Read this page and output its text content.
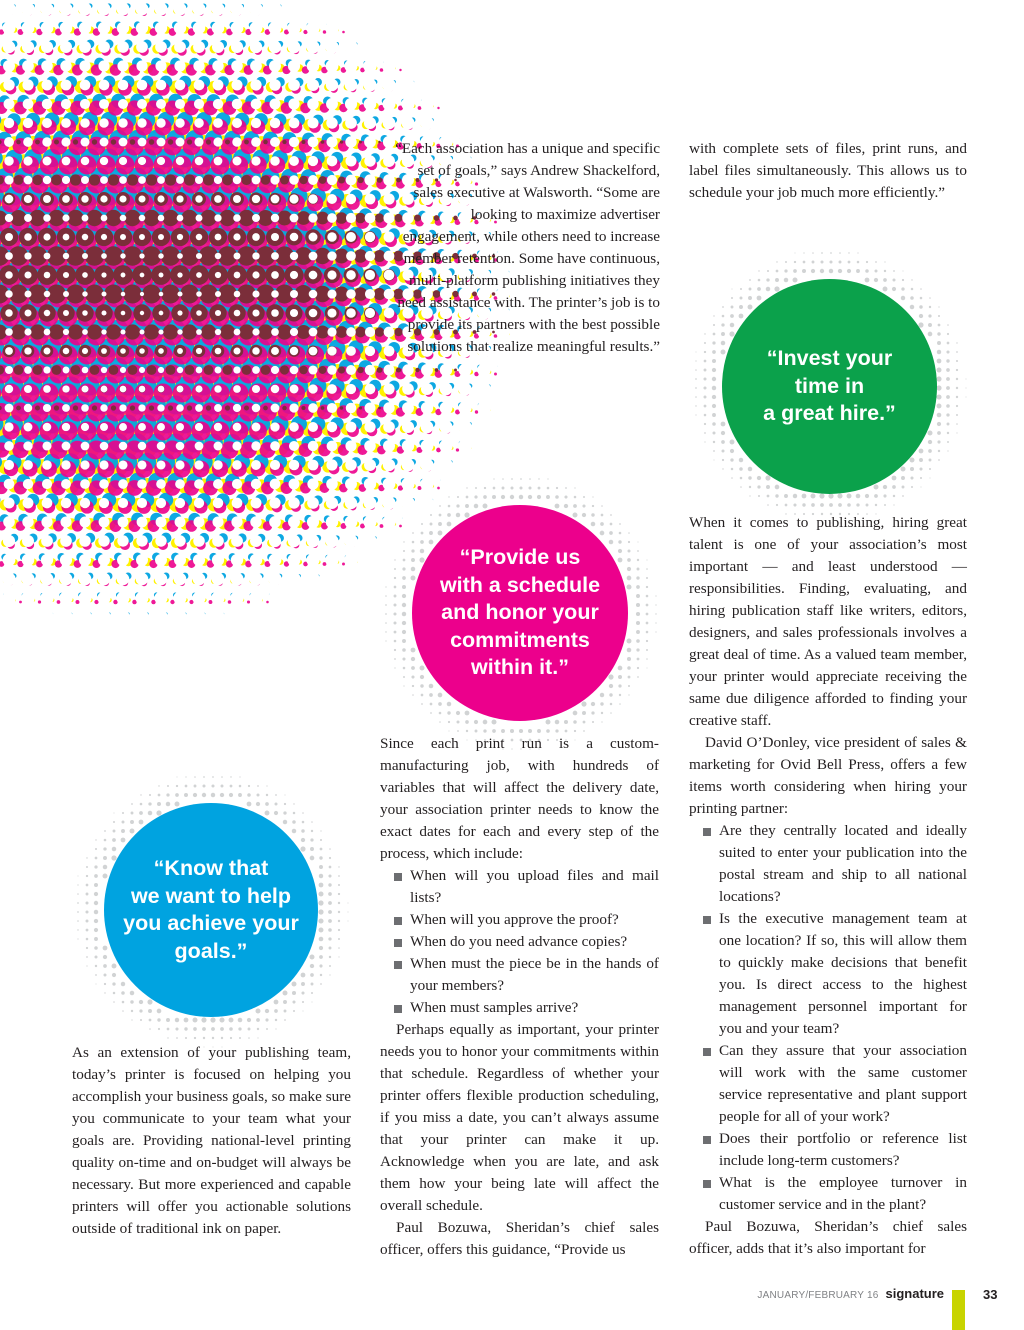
“Each association has a unique and specific set of goals,” says Andrew Shackelford, sales executive at Walsworth. “Some are looking to maximize advertiser engagement, while others need to increase member retention. Some have continuous, multi-platform publishing initiatives they need assistance with. The printer’s job is to provide its partners with the best possible solutions that realize meaningful results.”	“Invest your
time in
a great hire.”
“Provide us
with a schedule
and honor your
commitments
within it.”
“Know that
we want to help
you achieve your
goals.”

with complete sets of files, print runs, and label files simultaneously. This allows us to schedule your job much more efficiently.”

When it comes to publishing, hiring great talent is one of your association’s most important — and least understood — responsibilities. Finding, evaluating, and hiring publication staff like writers, editors, designers, and sales professionals involves a great deal of time. As a valued team member, your printer would appreciate receiving the same due diligence afforded to finding your creative staff.

David O’Donley, vice president of sales & marketing for Ovid Bell Press, offers a few items worth considering when hiring your printing partner:

Are they centrally located and ideally suited to enter your publication into the postal stream and ship to all national locations?
Is the executive management team at one location? If so, this will allow them to quickly make decisions that benefit you. Is direct access to the highest management personnel important for you and your team?
Can they assure that your association will work with the same customer service representative and plant support people for all of your work?
Does their portfolio or reference list include long-term customers?
What is the employee turnover in customer service and in the plant?

Paul Bozuwa, Sheridan’s chief sales officer, adds that it’s also important for

Since each print run is a custom-manufacturing job, with hundreds of variables that will affect the delivery date, your association printer needs to know the exact dates for each and every step of the process, which include:

When will you upload files and mail lists?
When will you approve the proof?
When do you need advance copies?
When must the piece be in the hands of your members?
When must samples arrive?

Perhaps equally as important, your printer needs you to honor your commitments within that schedule. Regardless of whether your printer offers flexible production scheduling, if you miss a date, you can’t always assume that your printer can make it up. Acknowledge when you are late, and ask them how your being late will affect the overall schedule.

Paul Bozuwa, Sheridan’s chief sales officer, offers this guidance, “Provide us

As an extension of your publishing team, today’s printer is focused on helping you accomplish your business goals, so make sure you communicate to your team what your goals are. Providing national-level printing quality on-time and on-budget will always be necessary. But more experienced and capable printers will offer you actionable solutions outside of traditional ink on paper.

JANUARY/FEBRUARY 16 signature	33
